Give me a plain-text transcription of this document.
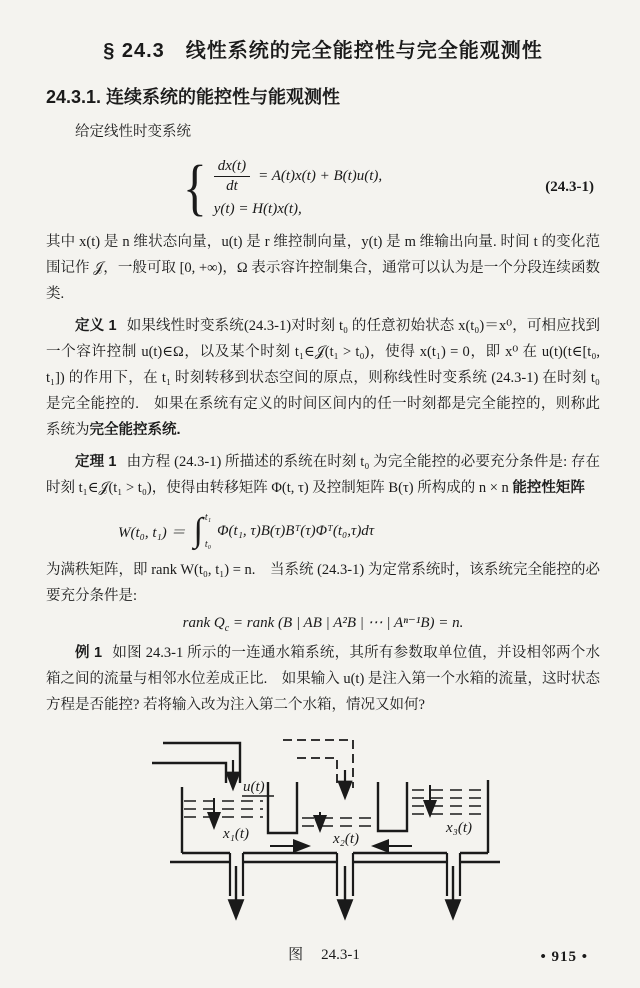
§ 24.3　线性系统的完全能控性与完全能观测性
24.3.1. 连续系统的能控性与能观测性

给定线性时变系统

{ $\frac{dx(t)}{dt} = A(t)x(t) + B(t)u(t)$,
y(t) = H(t)x(t),
(24.3-1)

其中 x(t) 是 n 维状态向量，u(t) 是 r 维控制向量，y(t) 是 m 维输出向量. 时间 t 的变化范围记作 𝒥，一般可取 [0, +∞)，Ω 表示容许控制集合，通常可以认为是一个分段连续函数类.

定义 1 如果线性时变系统(24.3-1)对时刻 t₀ 的任意初始状态 x(t₀)＝x⁰，可相应找到一个容许控制 u(t)∈Ω，以及某个时刻 t₁∈𝒥(t₁ > t₀)，使得 x(t₁) = 0，即 x⁰ 在 u(t)(t∈[t₀, t₁]) 的作用下，在 t₁ 时刻转移到状态空间的原点，则称线性时变系统 (24.3-1) 在时刻 t₀ 是完全能控的.　如果在系统有定义的时间区间内的任一时刻都是完全能控的，则称此系统为完全能控系统.

定理 1 由方程 (24.3-1) 所描述的系统在时刻 t₀ 为完全能控的必要充分条件是: 存在时刻 t₁∈𝒥(t₁ > t₀)，使得由转移矩阵 Φ(t, τ) 及控制矩阵 B(τ) 所构成的 n × n 能控性矩阵

W(t₀, t₁) ＝ ∫ t₁
t₀
Φ(t₁, τ)B(τ)Bᵀ(τ)Φᵀ(t₀,τ)dτ

为满秩矩阵，即 rank W(t₀, t₁) = n.　当系统 (24.3-1) 为定常系统时，该系统完全能控的必要充分条件是:

rank $Q_c$ = rank (B | AB | A²B | ⋯ | Aⁿ⁻¹B) = n.

例 1 如图 24.3-1 所示的一连通水箱系统，其所有参数取单位值，并设相邻两个水箱之间的流量与相邻水位差成正比.　如果输入 u(t) 是注入第一个水箱的流量，这时状态方程是否能控? 若将输入改为注入第二个水箱，情况又如何?

u(t)
x₁(t)	x₂(t)
x₃(t)

图 24.3-1	• 915 •
